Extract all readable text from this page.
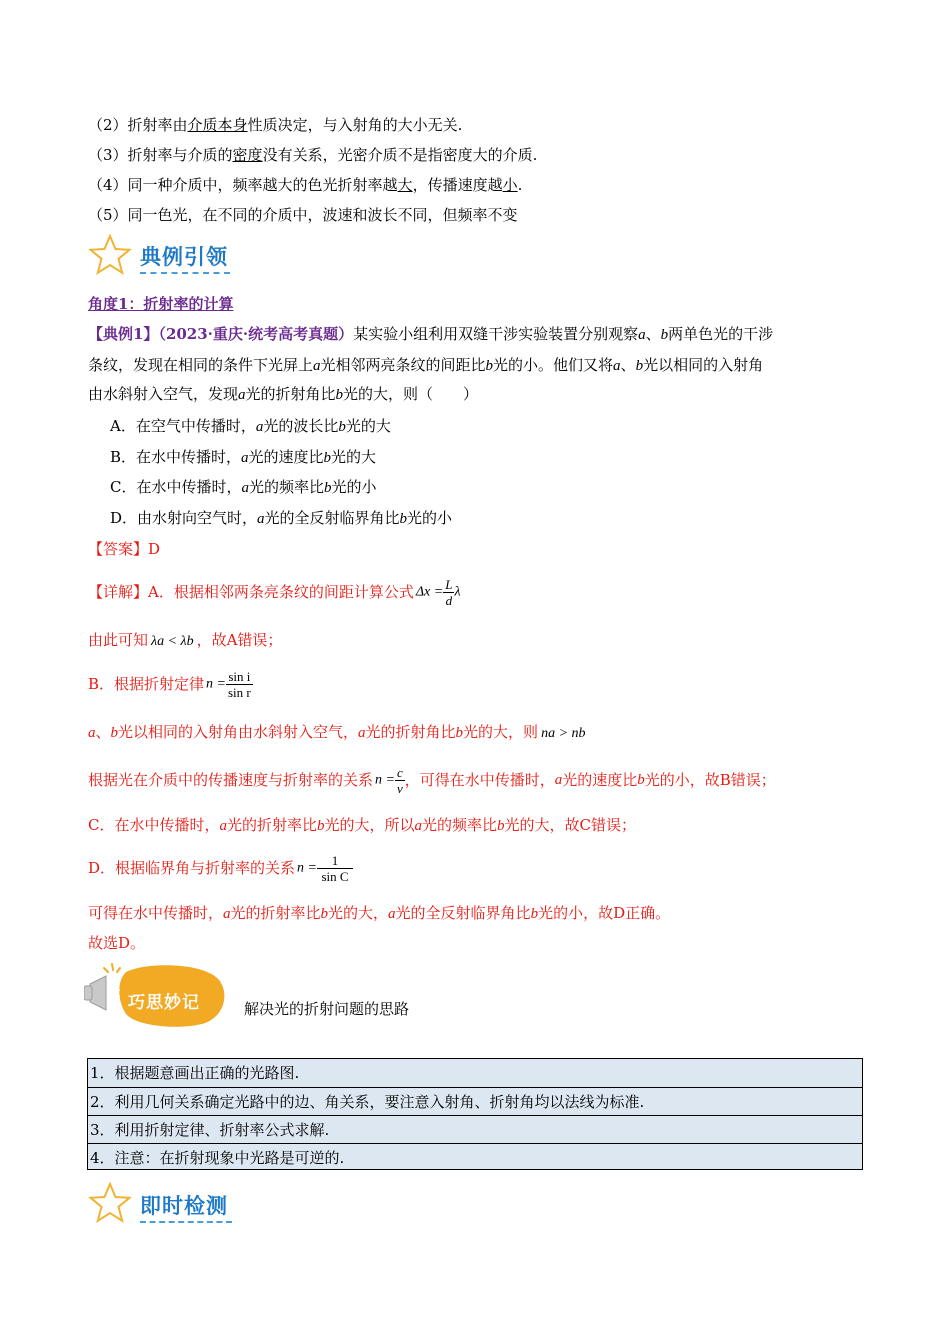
（2）折射率由介质本身性质决定，与入射角的大小无关.
（3）折射率与介质的密度没有关系，光密介质不是指密度大的介质.
（4）同一种介质中，频率越大的色光折射率越大，传播速度越小.
（5）同一色光，在不同的介质中，波速和波长不同，但频率不变
典例引领
角度1：折射率的计算
【典例1】（2023·重庆·统考高考真题）某实验小组利用双缝干涉实验装置分别观察a、b两单色光的干涉
条纹，发现在相同的条件下光屏上a光相邻两亮条纹的间距比b光的小。他们又将a、b光以相同的入射角
由水斜射入空气，发现a光的折射角比b光的大，则（　　）
A．在空气中传播时，a光的波长比b光的大
B．在水中传播时，a光的速度比b光的大
C．在水中传播时，a光的频率比b光的小
D．由水射向空气时，a光的全反射临界角比b光的小
【答案】D
【详解】A．根据相邻两条亮条纹的间距计算公式 $\Delta x = \frac{L}{d}$ λ
由此可知 λa < λb ，故A错误；
B．根据折射定律 $n = \frac{\text{sin i}}{\text{sin r}}$
a、b光以相同的入射角由水斜射入空气，a光的折射角比b光的大，则 na > nb
根据光在介质中的传播速度与折射率的关系 $n = \frac{c}{v}$ ，可得在水中传播时， a 光的速度比 b 光的小，故B错误；
C．在水中传播时，a光的折射率比b光的大，所以a光的频率比b光的大，故C错误；
D．根据临界角与折射率的关系 $n = \frac{1}{\text{sin C}}$
可得在水中传播时，a光的折射率比b光的大，a光的全反射临界角比b光的小，故D正确。
故选D。
巧思妙记	解决光的折射问题的思路
1．根据题意画出正确的光路图.
2．利用几何关系确定光路中的边、角关系，要注意入射角、折射角均以法线为标准.
3．利用折射定律、折射率公式求解.
4．注意：在折射现象中光路是可逆的.
即时检测
